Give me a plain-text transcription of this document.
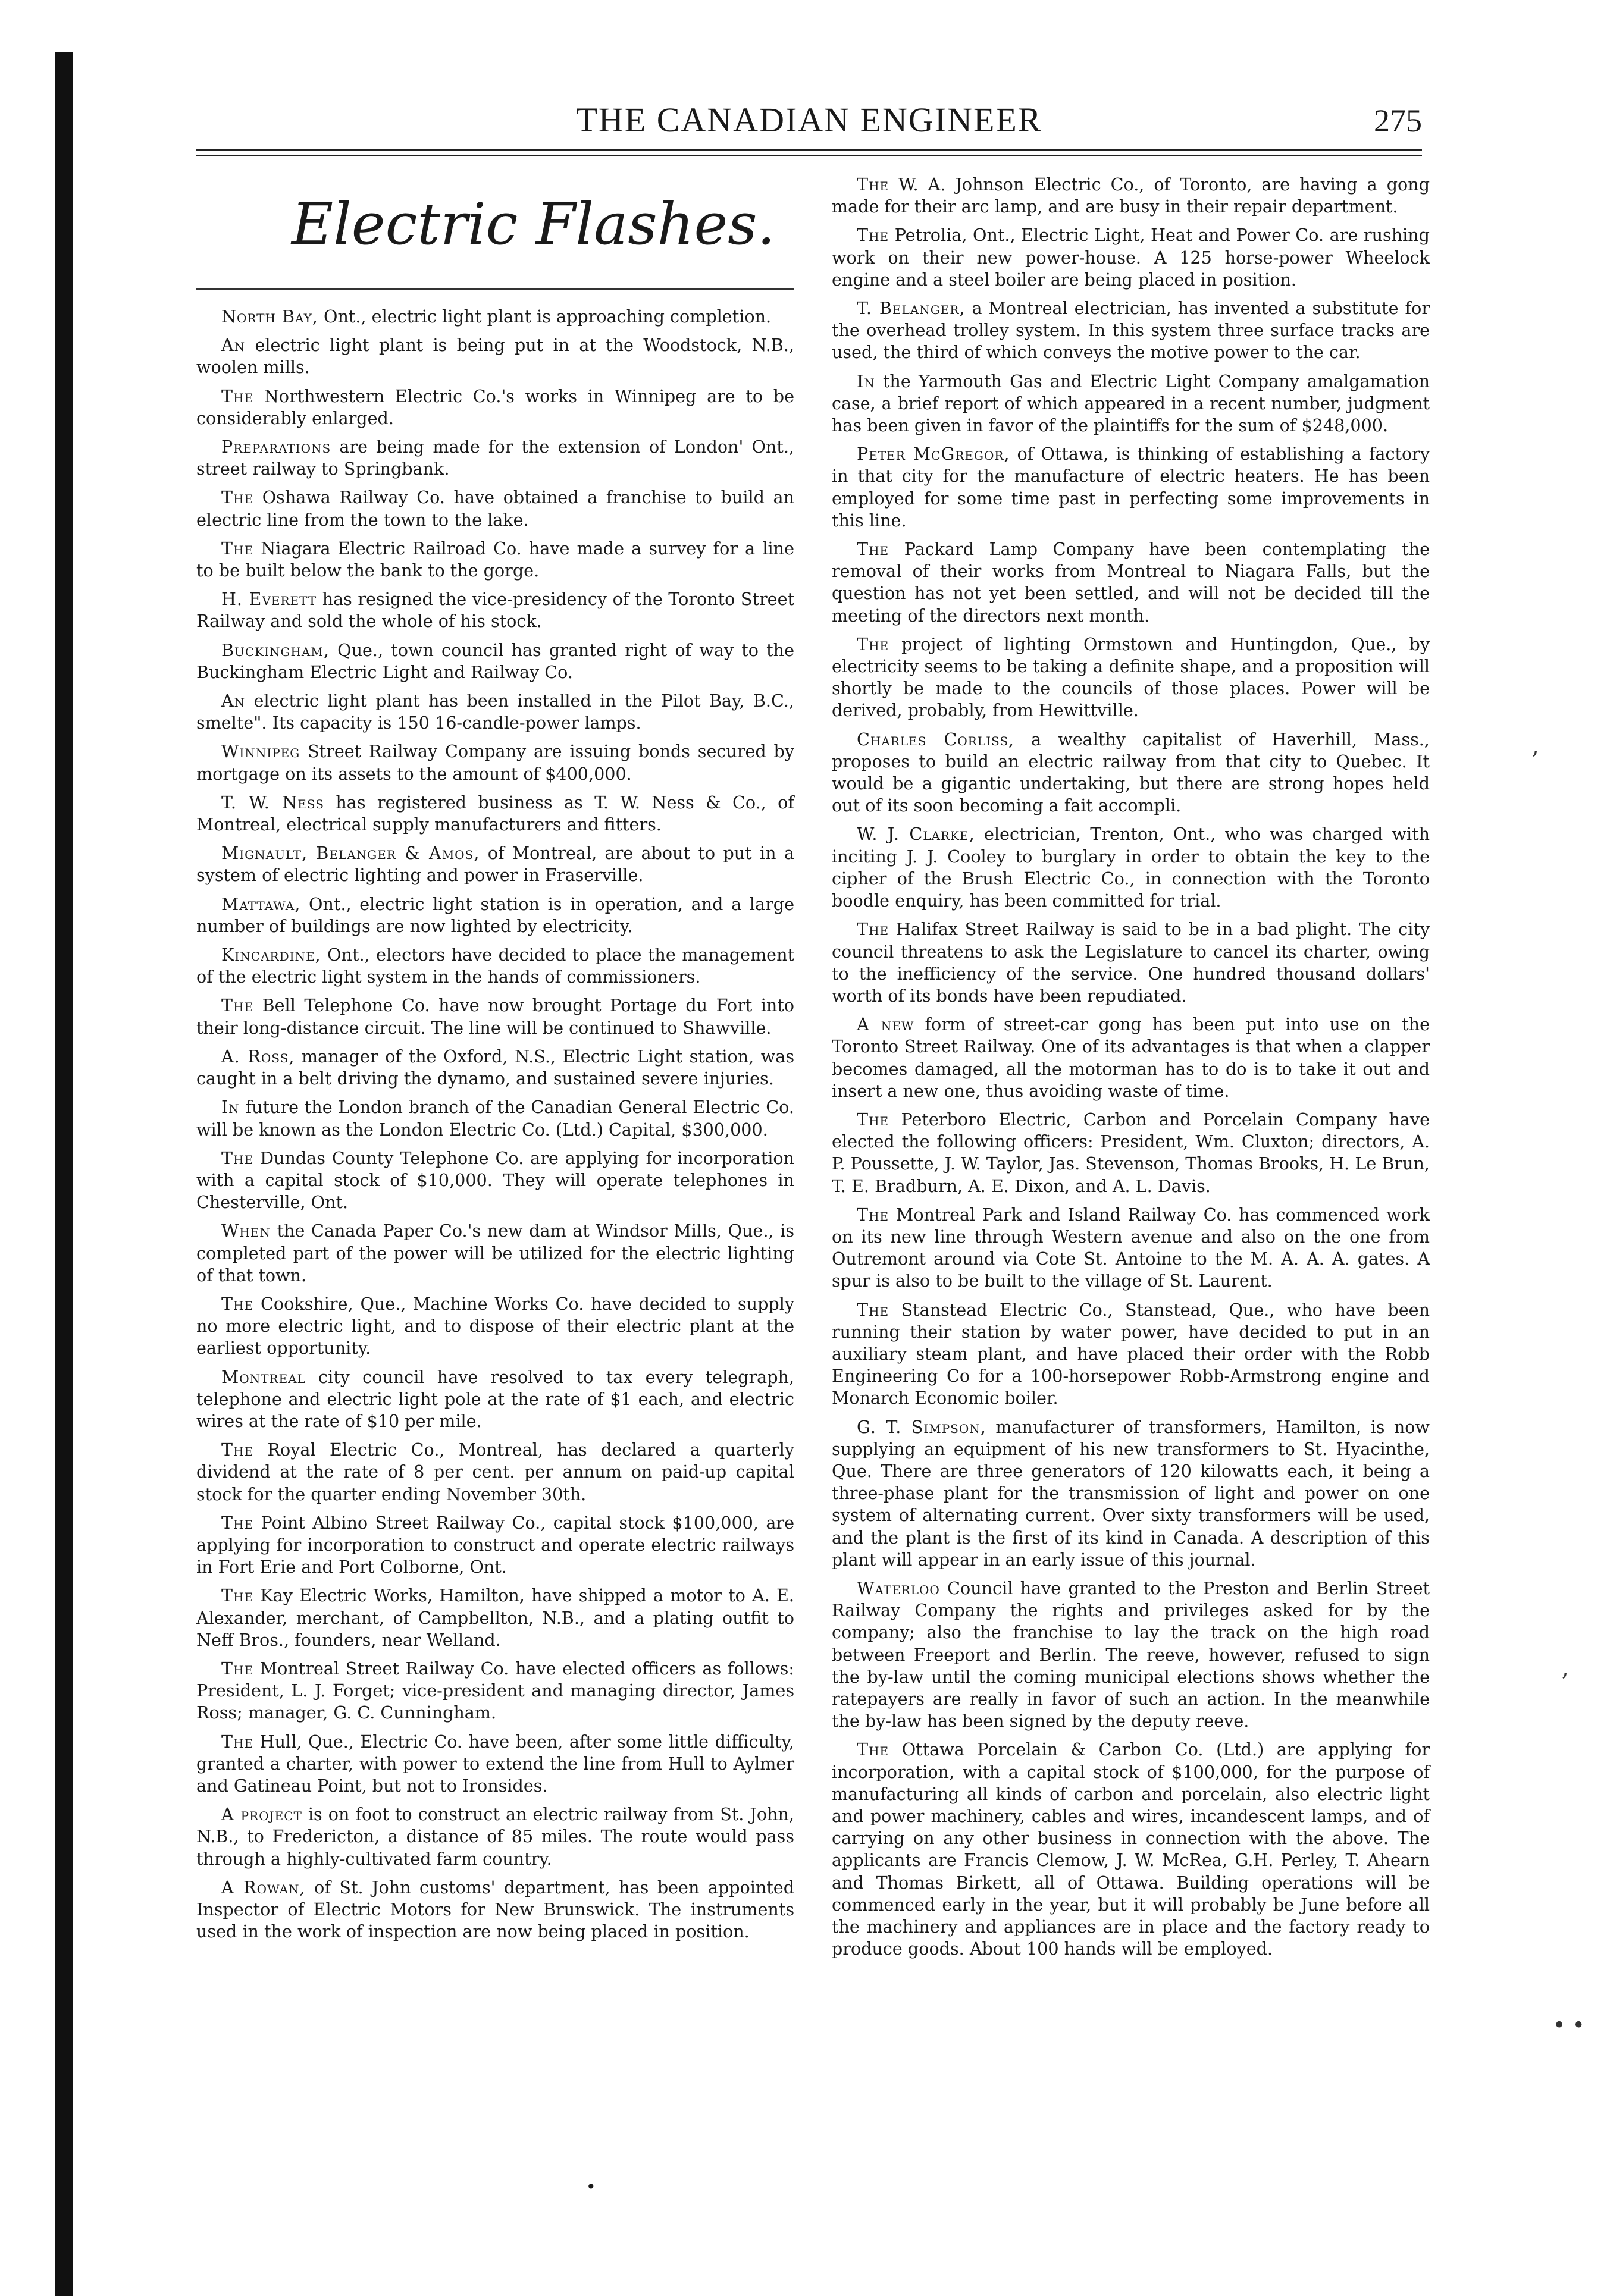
THE CANADIAN ENGINEER	275
Electric Flashes.

North Bay, Ont., electric light plant is approaching completion.

An electric light plant is being put in at the Woodstock, N.B., woolen mills.

The Northwestern Electric Co.'s works in Winnipeg are to be considerably enlarged.

Preparations are being made for the extension of London' Ont., street railway to Springbank.

The Oshawa Railway Co. have obtained a franchise to build an electric line from the town to the lake.

The Niagara Electric Railroad Co. have made a survey for a line to be built below the bank to the gorge.

H. Everett has resigned the vice-presidency of the Toronto Street Railway and sold the whole of his stock.

Buckingham, Que., town council has granted right of way to the Buckingham Electric Light and Railway Co.

An electric light plant has been installed in the Pilot Bay, B.C., smelte". Its capacity is 150 16-candle-power lamps.

Winnipeg Street Railway Company are issuing bonds secured by mortgage on its assets to the amount of $400,000.

T. W. Ness has registered business as T. W. Ness & Co., of Montreal, electrical supply manufacturers and fitters.

Mignault, Belanger & Amos, of Montreal, are about to put in a system of electric lighting and power in Fraserville.

Mattawa, Ont., electric light station is in operation, and a large number of buildings are now lighted by electricity.

Kincardine, Ont., electors have decided to place the management of the electric light system in the hands of commissioners.

The Bell Telephone Co. have now brought Portage du Fort into their long-distance circuit. The line will be continued to Shawville.

A. Ross, manager of the Oxford, N.S., Electric Light station, was caught in a belt driving the dynamo, and sustained severe injuries.

In future the London branch of the Canadian General Electric Co. will be known as the London Electric Co. (Ltd.) Capital, $300,000.

The Dundas County Telephone Co. are applying for incorporation with a capital stock of $10,000. They will operate telephones in Chesterville, Ont.

When the Canada Paper Co.'s new dam at Windsor Mills, Que., is completed part of the power will be utilized for the electric lighting of that town.

The Cookshire, Que., Machine Works Co. have decided to supply no more electric light, and to dispose of their electric plant at the earliest opportunity.

Montreal city council have resolved to tax every telegraph, telephone and electric light pole at the rate of $1 each, and electric wires at the rate of $10 per mile.

The Royal Electric Co., Montreal, has declared a quarterly dividend at the rate of 8 per cent. per annum on paid-up capital stock for the quarter ending November 30th.

The Point Albino Street Railway Co., capital stock $100,000, are applying for incorporation to construct and operate electric railways in Fort Erie and Port Colborne, Ont.

The Kay Electric Works, Hamilton, have shipped a motor to A. E. Alexander, merchant, of Campbellton, N.B., and a plating outfit to Neff Bros., founders, near Welland.

The Montreal Street Railway Co. have elected officers as follows: President, L. J. Forget; vice-president and managing director, James Ross; manager, G. C. Cunningham.

The Hull, Que., Electric Co. have been, after some little difficulty, granted a charter, with power to extend the line from Hull to Aylmer and Gatineau Point, but not to Ironsides.

A project is on foot to construct an electric railway from St. John, N.B., to Fredericton, a distance of 85 miles. The route would pass through a highly-cultivated farm country.

A Rowan, of St. John customs' department, has been appointed Inspector of Electric Motors for New Brunswick. The instruments used in the work of inspection are now being placed in position.

The W. A. Johnson Electric Co., of Toronto, are having a gong made for their arc lamp, and are busy in their repair department.

The Petrolia, Ont., Electric Light, Heat and Power Co. are rushing work on their new power-house. A 125 horse-power Wheelock engine and a steel boiler are being placed in position.

T. Belanger, a Montreal electrician, has invented a substitute for the overhead trolley system. In this system three surface tracks are used, the third of which conveys the motive power to the car.

In the Yarmouth Gas and Electric Light Company amalgamation case, a brief report of which appeared in a recent number, judgment has been given in favor of the plaintiffs for the sum of $248,000.

Peter McGregor, of Ottawa, is thinking of establishing a factory in that city for the manufacture of electric heaters. He has been employed for some time past in perfecting some improvements in this line.

The Packard Lamp Company have been contemplating the removal of their works from Montreal to Niagara Falls, but the question has not yet been settled, and will not be decided till the meeting of the directors next month.

The project of lighting Ormstown and Huntingdon, Que., by electricity seems to be taking a definite shape, and a proposition will shortly be made to the councils of those places. Power will be derived, probably, from Hewittville.

Charles Corliss, a wealthy capitalist of Haverhill, Mass., proposes to build an electric railway from that city to Quebec. It would be a gigantic undertaking, but there are strong hopes held out of its soon becoming a fait accompli.

W. J. Clarke, electrician, Trenton, Ont., who was charged with inciting J. J. Cooley to burglary in order to obtain the key to the cipher of the Brush Electric Co., in connection with the Toronto boodle enquiry, has been committed for trial.

The Halifax Street Railway is said to be in a bad plight. The city council threatens to ask the Legislature to cancel its charter, owing to the inefficiency of the service. One hundred thousand dollars' worth of its bonds have been repudiated.

A new form of street-car gong has been put into use on the Toronto Street Railway. One of its advantages is that when a clapper becomes damaged, all the motorman has to do is to take it out and insert a new one, thus avoiding waste of time.

The Peterboro Electric, Carbon and Porcelain Company have elected the following officers: President, Wm. Cluxton; directors, A. P. Poussette, J. W. Taylor, Jas. Stevenson, Thomas Brooks, H. Le Brun, T. E. Bradburn, A. E. Dixon, and A. L. Davis.

The Montreal Park and Island Railway Co. has commenced work on its new line through Western avenue and also on the one from Outremont around via Cote St. Antoine to the M. A. A. A. gates. A spur is also to be built to the village of St. Laurent.

The Stanstead Electric Co., Stanstead, Que., who have been running their station by water power, have decided to put in an auxiliary steam plant, and have placed their order with the Robb Engineering Co for a 100-horsepower Robb-Armstrong engine and Monarch Economic boiler.

G. T. Simpson, manufacturer of transformers, Hamilton, is now supplying an equipment of his new transformers to St. Hyacinthe, Que. There are three generators of 120 kilowatts each, it being a three-phase plant for the transmission of light and power on one system of alternating current. Over sixty transformers will be used, and the plant is the first of its kind in Canada. A description of this plant will appear in an early issue of this journal.

Waterloo Council have granted to the Preston and Berlin Street Railway Company the rights and privileges asked for by the company; also the franchise to lay the track on the high road between Freeport and Berlin. The reeve, however, refused to sign the by-law until the coming municipal elections shows whether the ratepayers are really in favor of such an action. In the meanwhile the by-law has been signed by the deputy reeve.

The Ottawa Porcelain & Carbon Co. (Ltd.) are applying for incorporation, with a capital stock of $100,000, for the purpose of manufacturing all kinds of carbon and porcelain, also electric light and power machinery, cables and wires, incandescent lamps, and of carrying on any other business in connection with the above. The applicants are Francis Clemow, J. W. McRea, G.H. Perley, T. Ahearn and Thomas Birkett, all of Ottawa. Building operations will be commenced early in the year, but it will probably be June before all the machinery and appliances are in place and the factory ready to produce goods. About 100 hands will be employed.

•
,
,
• •
